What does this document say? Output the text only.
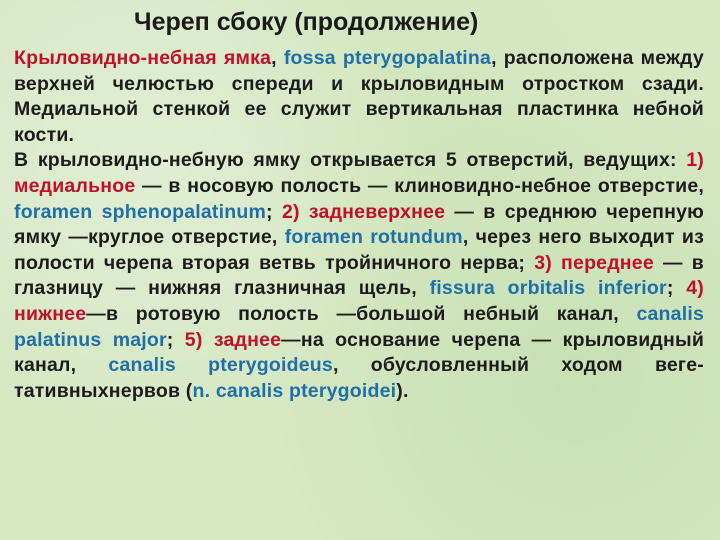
Череп сбоку (продолжение)

Крыловидно-небная ямка, fossa pterygopalatina, расположена между верхней челюстью спереди и крыловидным отростком сзади. Медиальной стенкой ее служит вертикальная пластинка небной кости.

В крыловидно-небную ямку открывается 5 отверстий, ведущих: 1) медиальное — в носовую полость — клиновидно-небное отверстие, foramen sphenopalatinum; 2) задневерхнее — в среднюю черепную ямку —круглое отверстие, foramen rotundum, через него выходит из полости черепа вторая ветвь тройничного нерва; 3) переднее — в глазницу — нижняя глазничная щель, fissura orbitalis inferior; 4) нижнее—в ротовую полость —большой небный канал, canalis palatinus major; 5) заднее—на основание черепа — крыловидный канал, canalis pterygoideus, обусловленный ходом веге-тативныхнервов (n. canalis pterygoidei).
